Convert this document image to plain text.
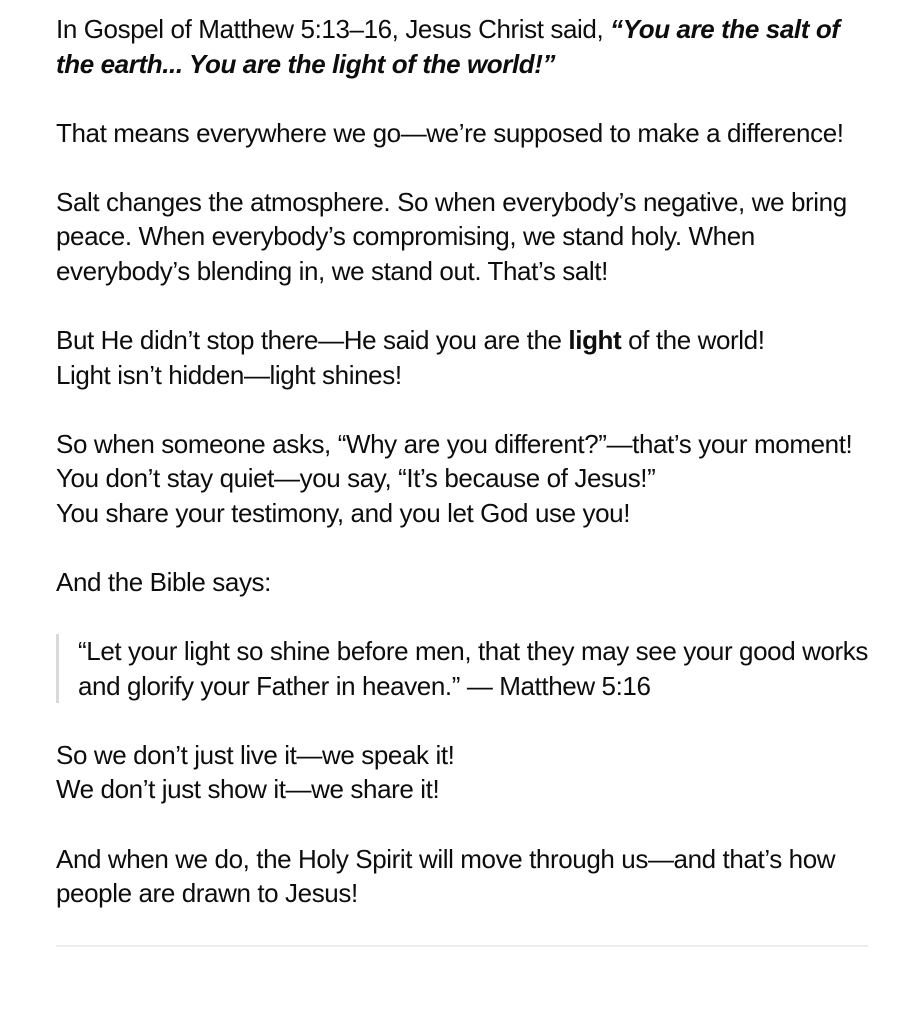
In Gospel of Matthew 5:13–16, Jesus Christ said, “You are the salt of the earth... You are the light of the world!”

That means everywhere we go—we’re supposed to make a difference!

Salt changes the atmosphere. So when everybody’s negative, we bring peace. When everybody’s compromising, we stand holy. When everybody’s blending in, we stand out. That’s salt!

But He didn’t stop there—He said you are the light of the world!
Light isn’t hidden—light shines!

So when someone asks, “Why are you different?”—that’s your moment!
You don’t stay quiet—you say, “It’s because of Jesus!”
You share your testimony, and you let God use you!

And the Bible says:

“Let your light so shine before men, that they may see your good works and glorify your Father in heaven.” — Matthew 5:16

So we don’t just live it—we speak it!
We don’t just show it—we share it!

And when we do, the Holy Spirit will move through us—and that’s how people are drawn to Jesus!
